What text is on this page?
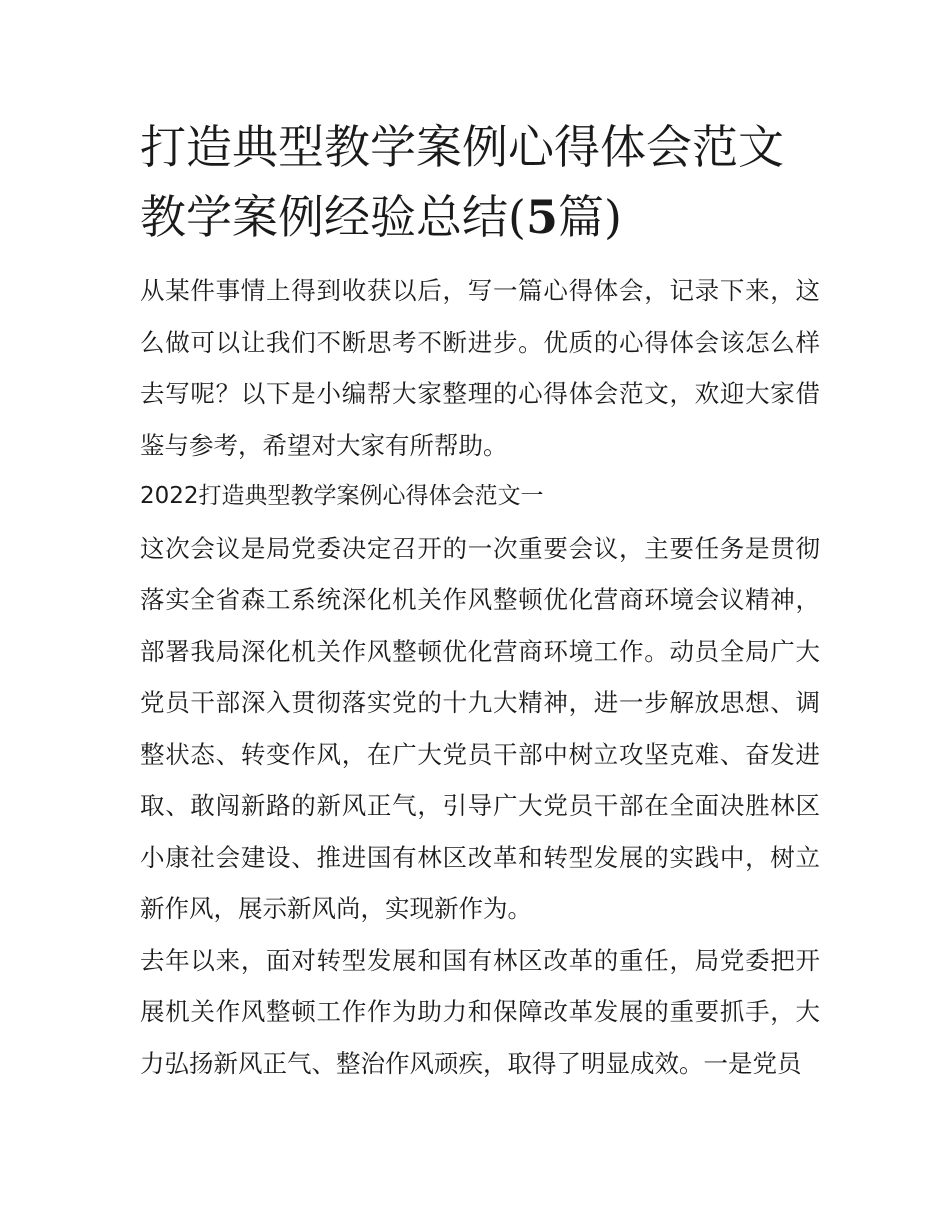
打造典型教学案例心得体会范文 教学案例经验总结(5篇)

从某件事情上得到收获以后，写一篇心得体会，记录下来，这么做可以让我们不断思考不断进步。优质的心得体会该怎么样去写呢？以下是小编帮大家整理的心得体会范文，欢迎大家借鉴与参考，希望对大家有所帮助。

2022打造典型教学案例心得体会范文一

这次会议是局党委决定召开的一次重要会议，主要任务是贯彻落实全省森工系统深化机关作风整顿优化营商环境会议精神，部署我局深化机关作风整顿优化营商环境工作。动员全局广大党员干部深入贯彻落实党的十九大精神，进一步解放思想、调整状态、转变作风，在广大党员干部中树立攻坚克难、奋发进取、敢闯新路的新风正气，引导广大党员干部在全面决胜林区小康社会建设、推进国有林区改革和转型发展的实践中，树立新作风，展示新风尚，实现新作为。

去年以来，面对转型发展和国有林区改革的重任，局党委把开展机关作风整顿工作作为助力和保障改革发展的重要抓手，大力弘扬新风正气、整治作风顽疾，取得了明显成效。一是党员
